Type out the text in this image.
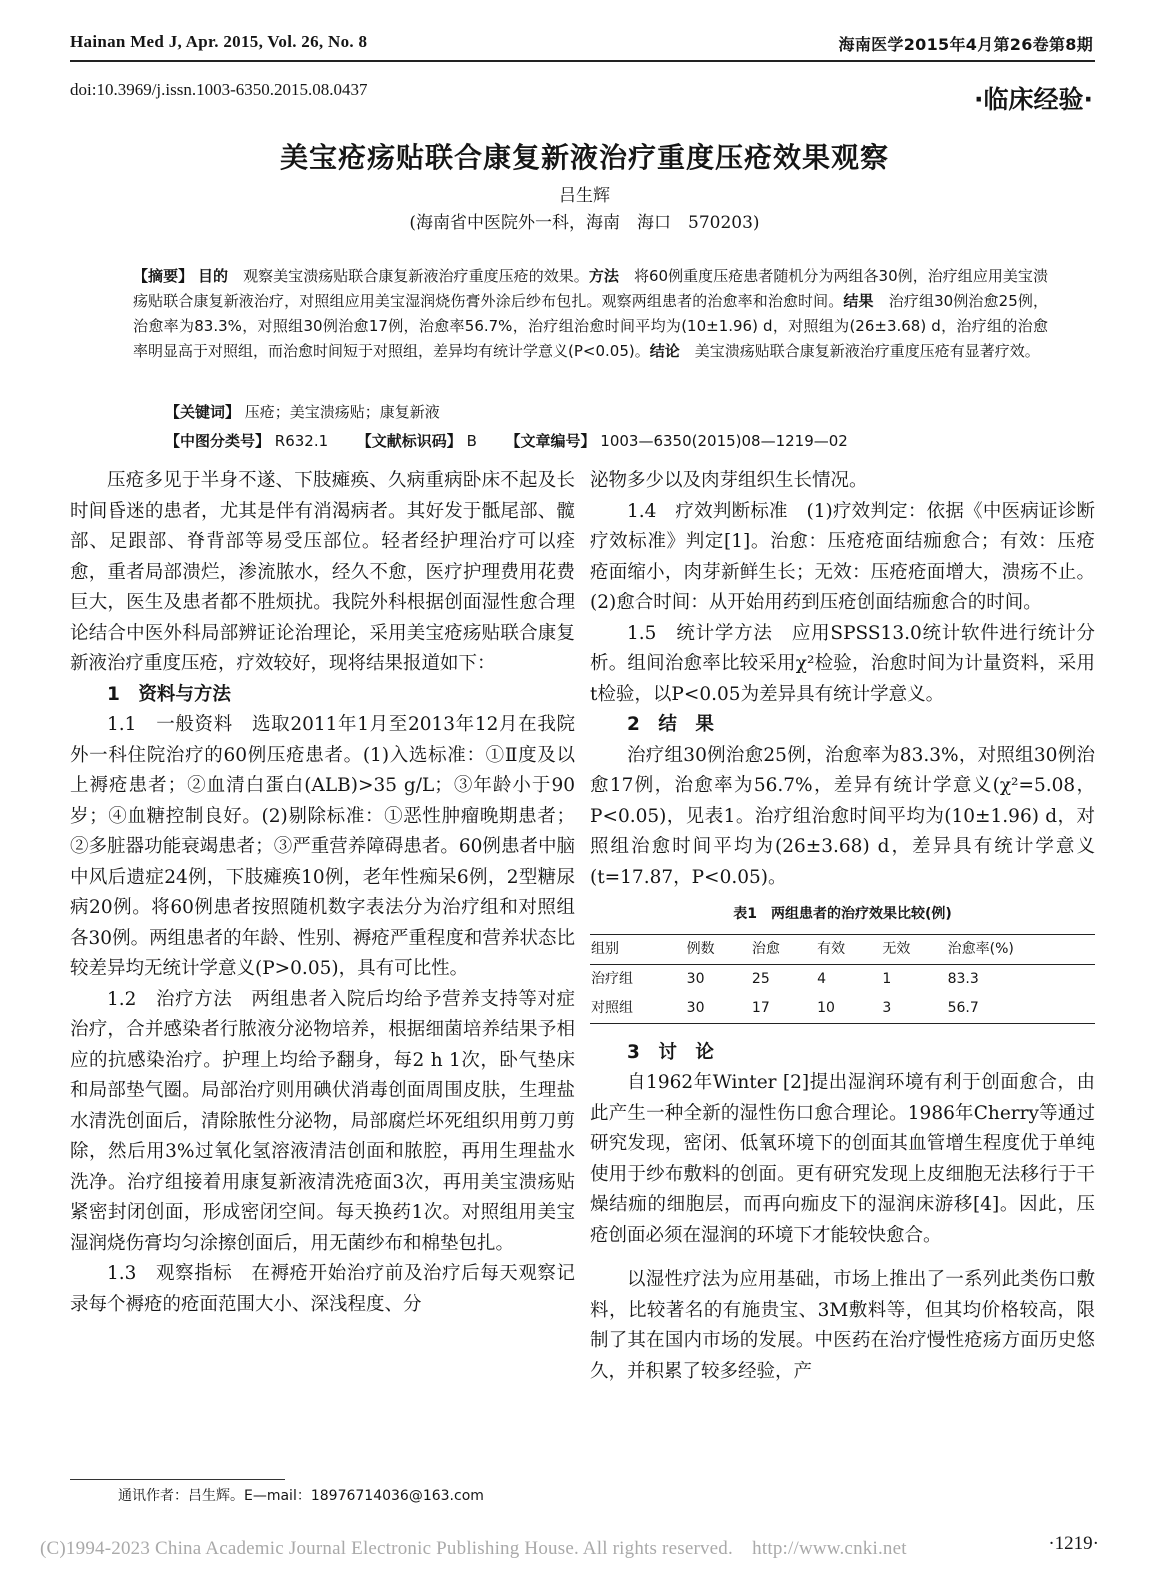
Hainan Med J, Apr. 2015, Vol. 26, No. 8	海南医学2015年4月第26卷第8期
doi:10.3969/j.issn.1003-6350.2015.08.0437	·临床经验·
美宝疮疡贴联合康复新液治疗重度压疮效果观察
吕生辉
(海南省中医院外一科，海南　海口　570203)
【摘要】 目的　 观察美宝溃疡贴联合康复新液治疗重度压疮的效果。方法　 将60例重度压疮患者随机分为两组各30例，治疗组应用美宝溃疡贴联合康复新液治疗，对照组应用美宝湿润烧伤膏外涂后纱布包扎。观察两组患者的治愈率和治愈时间。结果　 治疗组30例治愈25例，治愈率为83.3%，对照组30例治愈17例，治愈率56.7%，治疗组治愈时间平均为(10±1.96) d，对照组为(26±3.68) d，治疗组的治愈率明显高于对照组，而治愈时间短于对照组，差异均有统计学意义(P<0.05)。结论　 美宝溃疡贴联合康复新液治疗重度压疮有显著疗效。
【关键词】 压疮；美宝溃疡贴；康复新液
【中图分类号】 R632.1 【文献标识码】 B 【文章编号】 1003—6350(2015)08—1219—02

压疮多见于半身不遂、下肢瘫痪、久病重病卧床不起及长时间昏迷的患者，尤其是伴有消渴病者。其好发于骶尾部、髋部、足跟部、脊背部等易受压部位。轻者经护理治疗可以痊愈，重者局部溃烂，渗流脓水，经久不愈，医疗护理费用花费巨大，医生及患者都不胜烦扰。我院外科根据创面湿性愈合理论结合中医外科局部辨证论治理论，采用美宝疮疡贴联合康复新液治疗重度压疮，疗效较好，现将结果报道如下：

1　资料与方法

1.1　一般资料　 选取2011年1月至2013年12月在我院外一科住院治疗的60例压疮患者。(1)入选标准：①Ⅱ度及以上褥疮患者；②血清白蛋白(ALB)>35 g/L；③年龄小于90岁；④血糖控制良好。(2)剔除标准：①恶性肿瘤晚期患者；②多脏器功能衰竭患者；③严重营养障碍患者。60例患者中脑中风后遗症24例，下肢瘫痪10例，老年性痴呆6例，2型糖尿病20例。将60例患者按照随机数字表法分为治疗组和对照组各30例。两组患者的年龄、性别、褥疮严重程度和营养状态比较差异均无统计学意义(P>0.05)，具有可比性。

1.2　治疗方法　 两组患者入院后均给予营养支持等对症治疗，合并感染者行脓液分泌物培养，根据细菌培养结果予相应的抗感染治疗。护理上均给予翻身，每2 h 1次，卧气垫床和局部垫气圈。局部治疗则用碘伏消毒创面周围皮肤，生理盐水清洗创面后，清除脓性分泌物，局部腐烂坏死组织用剪刀剪除，然后用3%过氧化氢溶液清洁创面和脓腔，再用生理盐水洗净。治疗组接着用康复新液清洗疮面3次，再用美宝溃疡贴紧密封闭创面，形成密闭空间。每天换药1次。对照组用美宝湿润烧伤膏均匀涂擦创面后，用无菌纱布和棉垫包扎。

1.3　观察指标　 在褥疮开始治疗前及治疗后每天观察记录每个褥疮的疮面范围大小、深浅程度、分

泌物多少以及肉芽组织生长情况。

1.4　疗效判断标准　 (1)疗效判定：依据《中医病证诊断疗效标准》判定[1]。治愈：压疮疮面结痂愈合；有效：压疮疮面缩小，肉芽新鲜生长；无效：压疮疮面增大，溃疡不止。(2)愈合时间：从开始用药到压疮创面结痂愈合的时间。

1.5　统计学方法　 应用SPSS13.0统计软件进行统计分析。组间治愈率比较采用χ²检验，治愈时间为计量资料，采用t检验，以P<0.05为差异具有统计学意义。

2　结　果

治疗组30例治愈25例，治愈率为83.3%，对照组30例治愈17例，治愈率为56.7%，差异有统计学意义(χ²=5.08，P<0.05)，见表1。治疗组治愈时间平均为(10±1.96) d，对照组治愈时间平均为(26±3.68) d，差异具有统计学意义(t=17.87，P<0.05)。

表1　两组患者的治疗效果比较(例)
组别	例数	治愈	有效	无效	治愈率(%)
治疗组	30	25	4	1	83.3
对照组	30	17	10	3	56.7
3　讨　论

自1962年Winter [2]提出湿润环境有利于创面愈合，由此产生一种全新的湿性伤口愈合理论。1986年Cherry等通过研究发现，密闭、低氧环境下的创面其血管增生程度优于单纯使用于纱布敷料的创面。更有研究发现上皮细胞无法移行于干燥结痂的细胞层，而再向痂皮下的湿润床游移[4]。因此，压疮创面必须在湿润的环境下才能较快愈合。

以湿性疗法为应用基础，市场上推出了一系列此类伤口敷料，比较著名的有施贵宝、3M敷料等，但其均价格较高，限制了其在国内市场的发展。中医药在治疗慢性疮疡方面历史悠久，并积累了较多经验，产

通讯作者：吕生辉。E—mail：18976714036@163.com
(C)1994-2023 China Academic Journal Electronic Publishing House. All rights reserved.　http://www.cnki.net	·1219·
